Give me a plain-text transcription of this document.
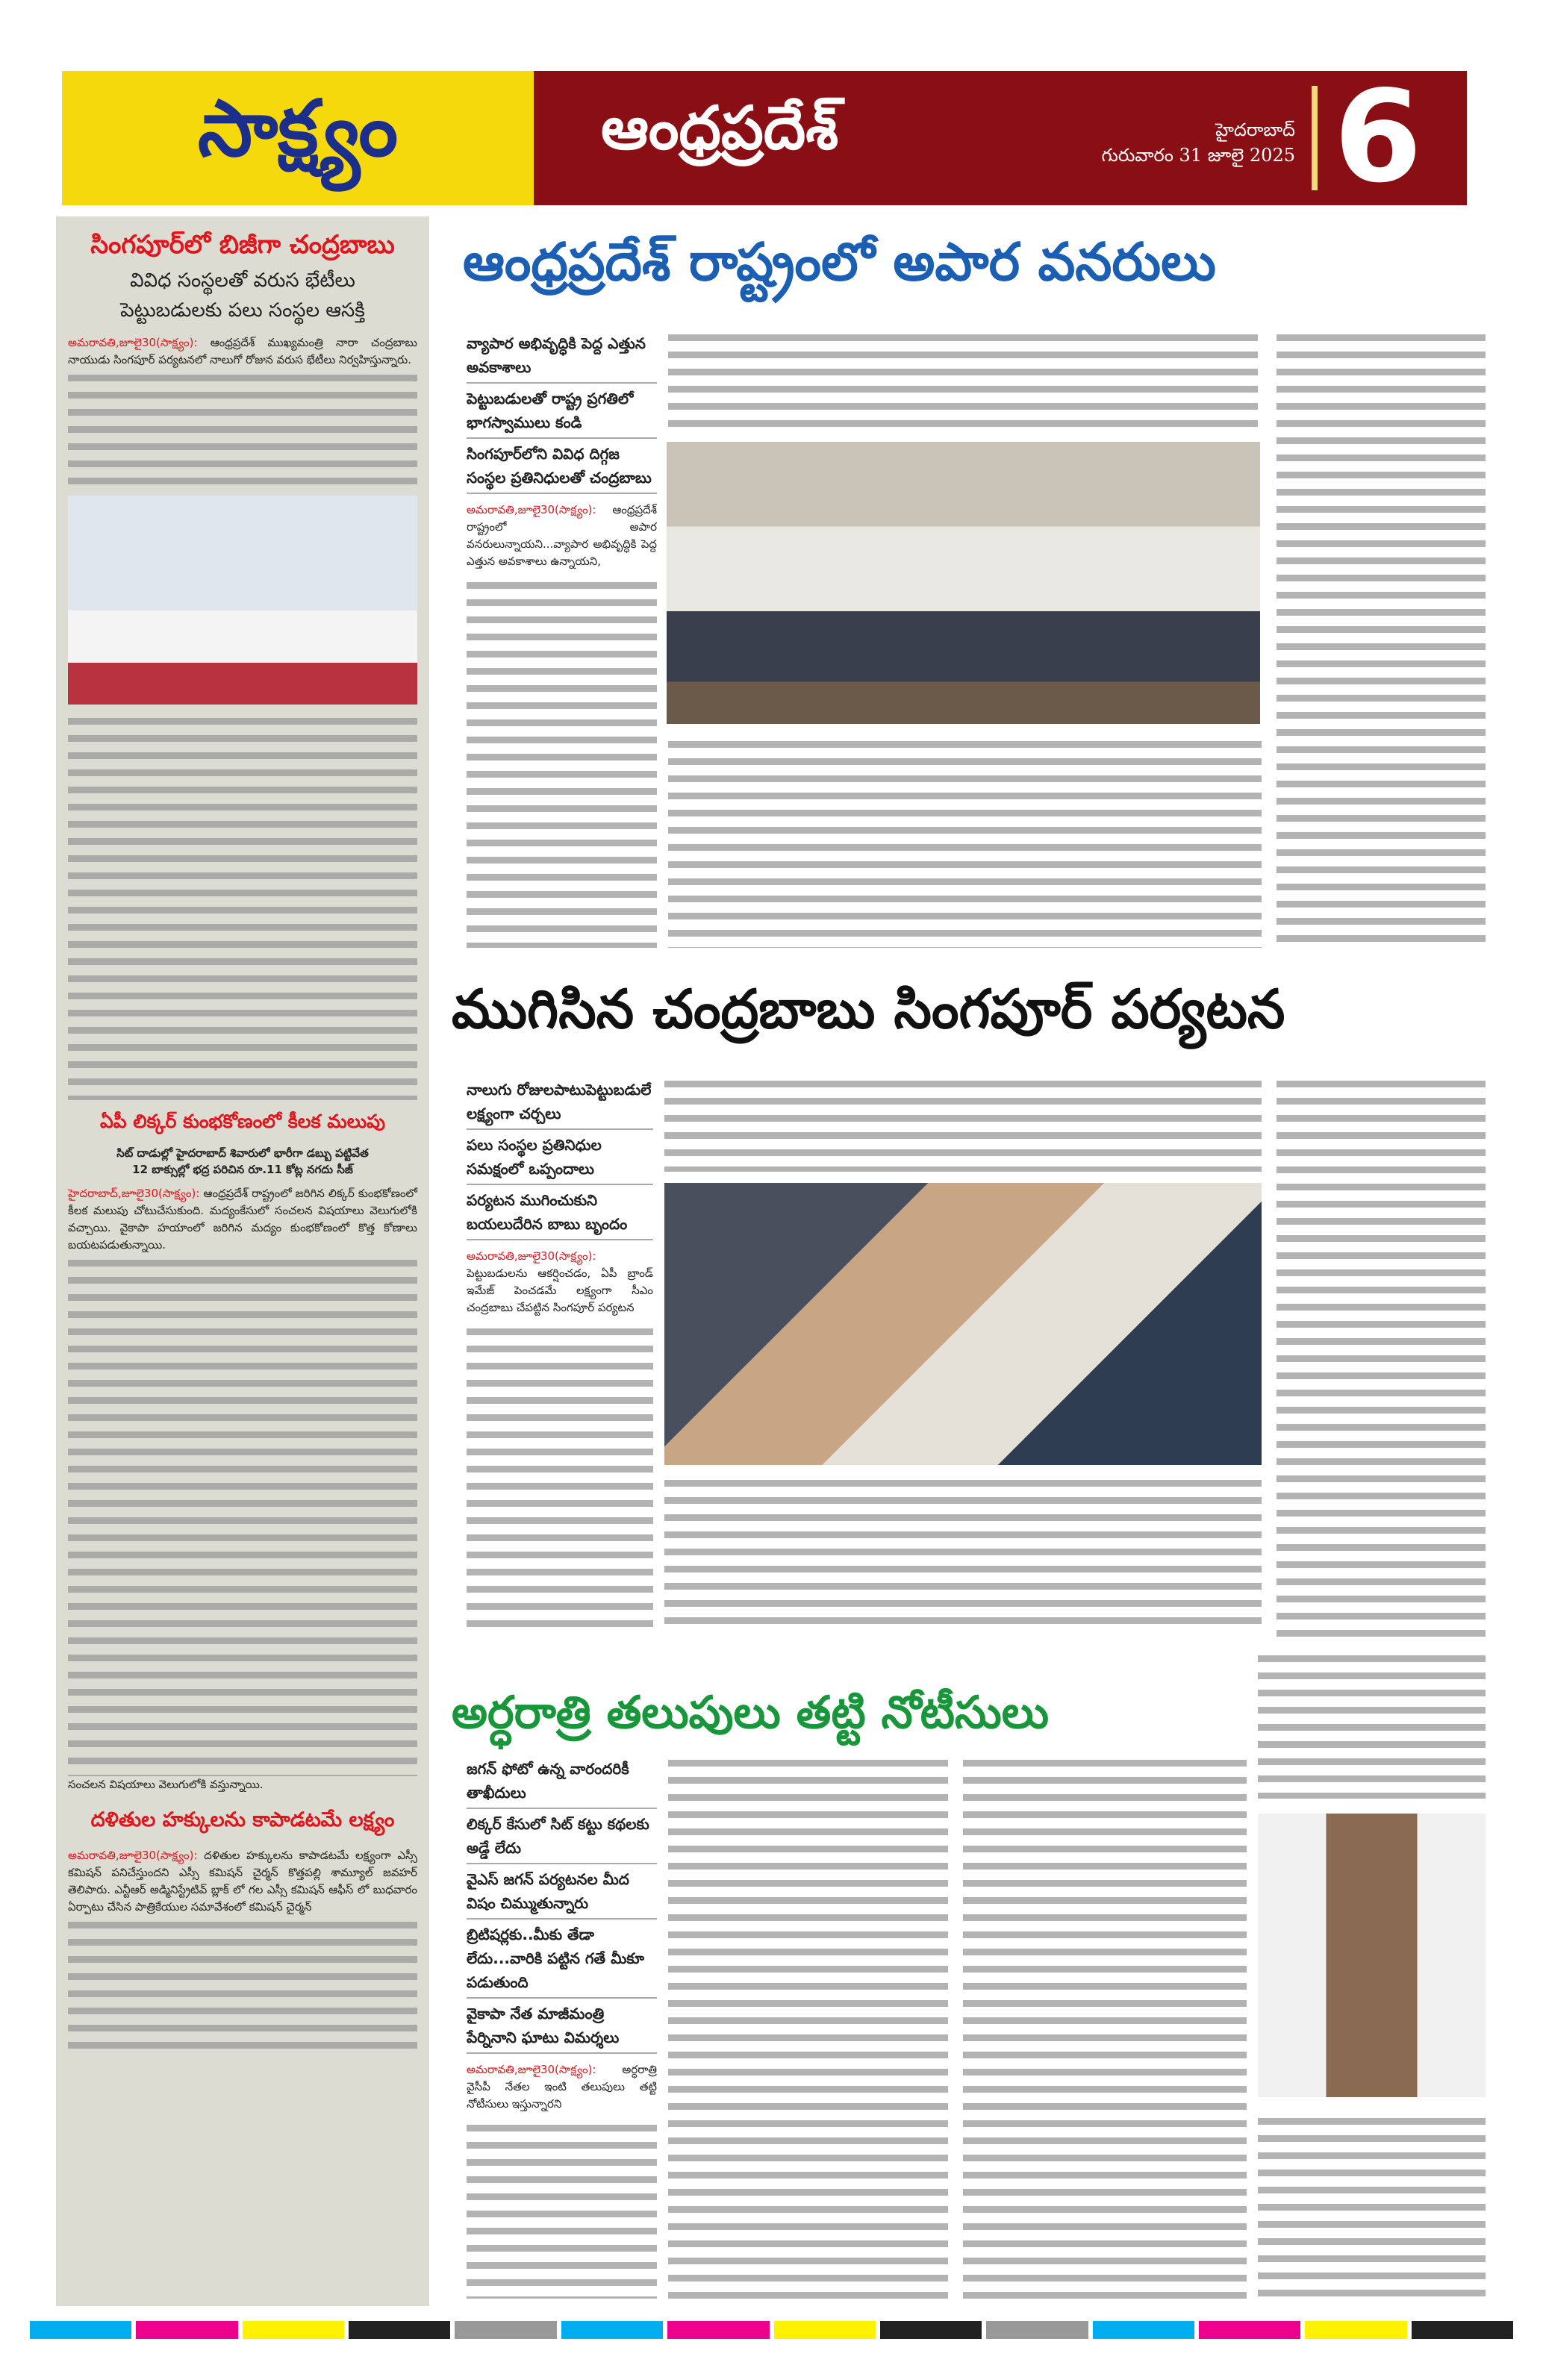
సాక్ష్యం	ఆంధ్రప్రదేశ్	హైదరాబాద్
గురువారం 31 జూలై 2025 6
సింగపూర్‌లో బిజీగా చంద్రబాబు
వివిధ సంస్థలతో వరుస భేటీలు
పెట్టుబడులకు పలు సంస్థల ఆసక్తి

అమరావతి,జూలై30(సాక్ష్యం): ఆంధ్రప్రదేశ్ ముఖ్యమంత్రి నారా చంద్రబాబు నాయుడు సింగపూర్ పర్యటనలో నాలుగో రోజున వరుస భేటీలు నిర్వహిస్తున్నారు.

ఏపీ లిక్కర్ కుంభకోణంలో కీలక మలుపు
సిట్ దాడుల్లో హైదరాబాద్ శివారులో భారీగా డబ్బు పట్టివేత
12 బాక్సుల్లో భద్ర పరిచిన రూ.11 కోట్ల నగదు సీజ్

హైదరాబాద్,జూలై30(సాక్ష్యం): ఆంధ్రప్రదేశ్ రాష్ట్రంలో జరిగిన లిక్కర్ కుంభకోణంలో కీలక మలుపు చోటుచేసుకుంది. మద్యంకేసులో సంచలన విషయాలు వెలుగులోకి వచ్చాయి. వైకాపా హయాంలో జరిగిన మద్యం కుంభకోణంలో కొత్త కోణాలు బయటపడుతున్నాయి.

సంచలన విషయాలు వెలుగులోకి వస్తున్నాయి.

దళితుల హక్కులను కాపాడటమే లక్ష్యం

అమరావతి,జూలై30(సాక్ష్యం): దళితుల హక్కులను కాపాడటమే లక్ష్యంగా ఎస్సీ కమిషన్ పనిచేస్తుందని ఎస్సీ కమిషన్ చైర్మన్ కొత్తపల్లి శామ్యూల్ జవహర్ తెలిపారు. ఎన్టీఆర్ అడ్మినిస్ట్రేటివ్ బ్లాక్ లో గల ఎస్సీ కమిషన్ ఆఫీస్ లో బుధవారం ఏర్పాటు చేసిన పాత్రికేయుల సమావేశంలో కమిషన్ చైర్మన్

ఆంధ్రప్రదేశ్ రాష్ట్రంలో అపార వనరులు
వ్యాపార అభివృద్ధికి పెద్ద ఎత్తున అవకాశాలు
పెట్టుబడులతో రాష్ట్ర ప్రగతిలో భాగస్వాములు కండి
సింగపూర్‌లోని వివిధ దిగ్గజ సంస్థల ప్రతినిధులతో చంద్రబాబు

అమరావతి,జూలై30(సాక్ష్యం): ఆంధ్రప్రదేశ్ రాష్ట్రంలో అపార వనరులున్నాయని...వ్యాపార అభివృద్ధికి పెద్ద ఎత్తున అవకాశాలు ఉన్నాయని,

ముగిసిన చంద్రబాబు సింగపూర్ పర్యటన
నాలుగు రోజులపాటుపెట్టుబడులే లక్ష్యంగా చర్చలు
పలు సంస్థల ప్రతినిధుల సమక్షంలో ఒప్పందాలు
పర్యటన ముగించుకుని బయలుదేరిన బాబు బృందం

అమరావతి,జూలై30(సాక్ష్యం): పెట్టుబడులను ఆకర్షించడం, ఏపీ బ్రాండ్ ఇమేజ్ పెంచడమే లక్ష్యంగా సీఎం చంద్రబాబు చేపట్టిన సింగపూర్ పర్యటన

అర్ధరాత్రి తలుపులు తట్టి నోటీసులు
జగన్ ఫోటో ఉన్న వారందరికీ తాఖీదులు
లిక్కర్ కేసులో సిట్ కట్టు కథలకు అడ్డే లేదు
వైఎస్ జగన్ పర్యటనల మీద విషం చిమ్ముతున్నారు
బ్రిటిషర్లకు..మీకు తేడా లేదు...వారికి పట్టిన గతే మీకూ పడుతుంది
వైకాపా నేత మాజీమంత్రి పేర్నినాని ఘాటు విమర్శలు

అమరావతి,జూలై30(సాక్ష్యం): అర్ధరాత్రి వైసీపీ నేతల ఇంటి తలుపులు తట్టి నోటీసులు ఇస్తున్నారని
